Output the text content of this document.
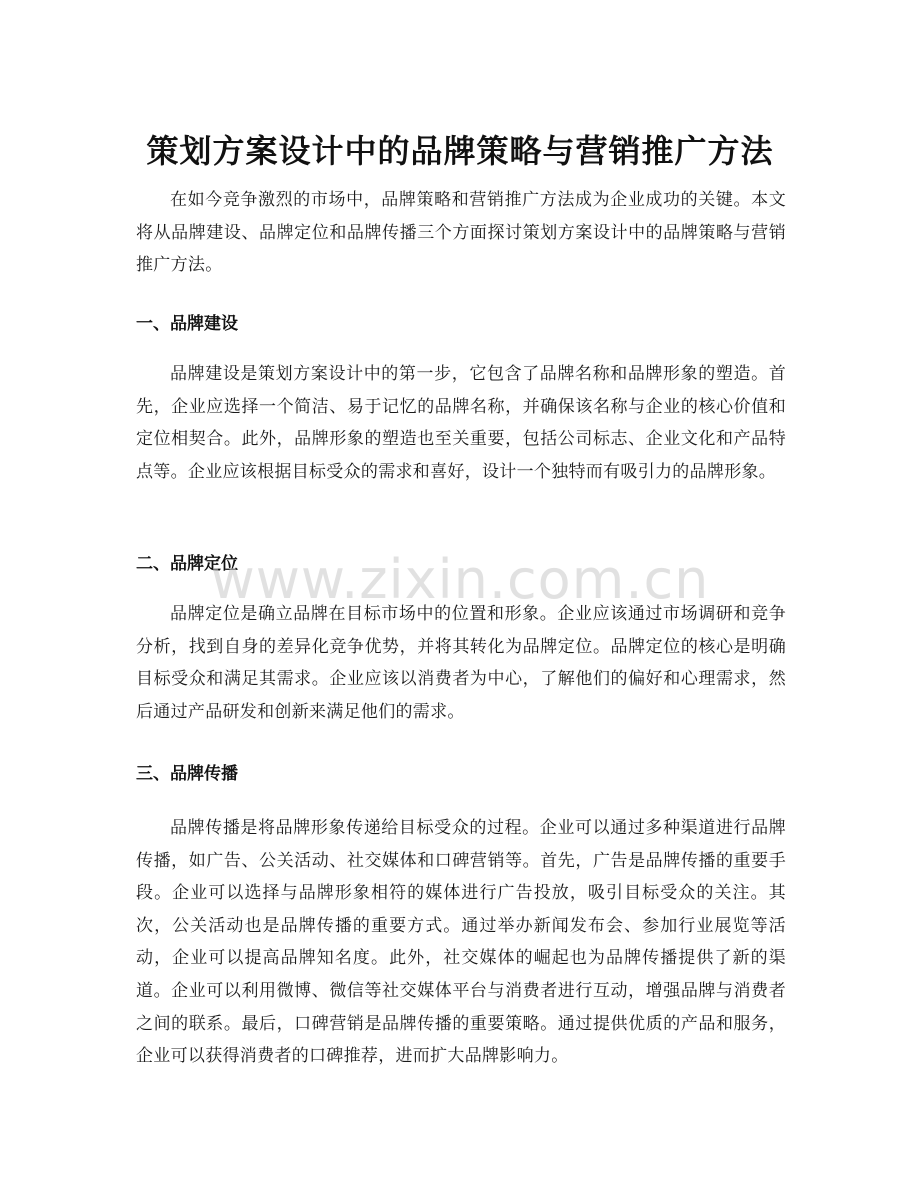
策划方案设计中的品牌策略与营销推广方法

在如今竞争激烈的市场中，品牌策略和营销推广方法成为企业成功的关键。本文将从品牌建设、品牌定位和品牌传播三个方面探讨策划方案设计中的品牌策略与营销推广方法。

一、品牌建设

品牌建设是策划方案设计中的第一步，它包含了品牌名称和品牌形象的塑造。首先，企业应选择一个简洁、易于记忆的品牌名称，并确保该名称与企业的核心价值和定位相契合。此外，品牌形象的塑造也至关重要，包括公司标志、企业文化和产品特点等。企业应该根据目标受众的需求和喜好，设计一个独特而有吸引力的品牌形象。

二、品牌定位

品牌定位是确立品牌在目标市场中的位置和形象。企业应该通过市场调研和竞争分析，找到自身的差异化竞争优势，并将其转化为品牌定位。品牌定位的核心是明确目标受众和满足其需求。企业应该以消费者为中心，了解他们的偏好和心理需求，然后通过产品研发和创新来满足他们的需求。

三、品牌传播

品牌传播是将品牌形象传递给目标受众的过程。企业可以通过多种渠道进行品牌传播，如广告、公关活动、社交媒体和口碑营销等。首先，广告是品牌传播的重要手段。企业可以选择与品牌形象相符的媒体进行广告投放，吸引目标受众的关注。其次，公关活动也是品牌传播的重要方式。通过举办新闻发布会、参加行业展览等活动，企业可以提高品牌知名度。此外，社交媒体的崛起也为品牌传播提供了新的渠道。企业可以利用微博、微信等社交媒体平台与消费者进行互动，增强品牌与消费者之间的联系。最后，口碑营销是品牌传播的重要策略。通过提供优质的产品和服务，企业可以获得消费者的口碑推荐，进而扩大品牌影响力。

www.zixin.com.cn
